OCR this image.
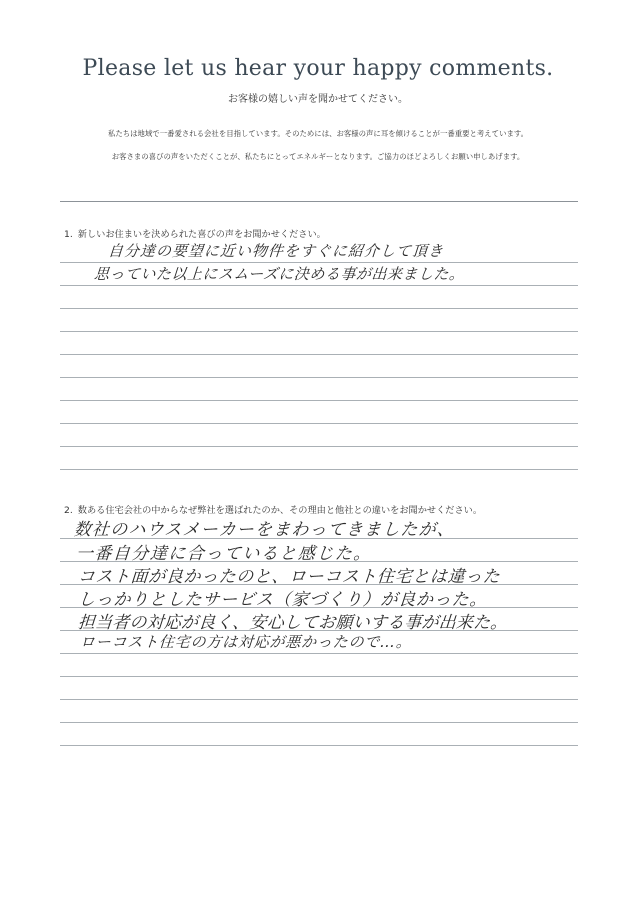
Please let us hear your happy comments.

お客様の嬉しい声を聞かせてください。

私たちは地域で一番愛される会社を目指しています。そのためには、お客様の声に耳を傾けることが一番重要と考えています。

お客さまの喜びの声をいただくことが、私たちにとってエネルギーとなります。ご協力のほどよろしくお願い申しあげます。

1. 新しいお住まいを決められた喜びの声をお聞かせください。

自分達の要望に近い物件をすぐに紹介して頂き

思っていた以上にスムーズに決める事が出来ました。

2. 数ある住宅会社の中からなぜ弊社を選ばれたのか、その理由と他社との違いをお聞かせください。

数社のハウスメーカーをまわってきましたが、

一番自分達に合っていると感じた。

コスト面が良かったのと、ローコスト住宅とは違った

しっかりとしたサービス（家づくり）が良かった。

担当者の対応が良く、安心してお願いする事が出来た。

ローコスト住宅の方は対応が悪かったので…。
